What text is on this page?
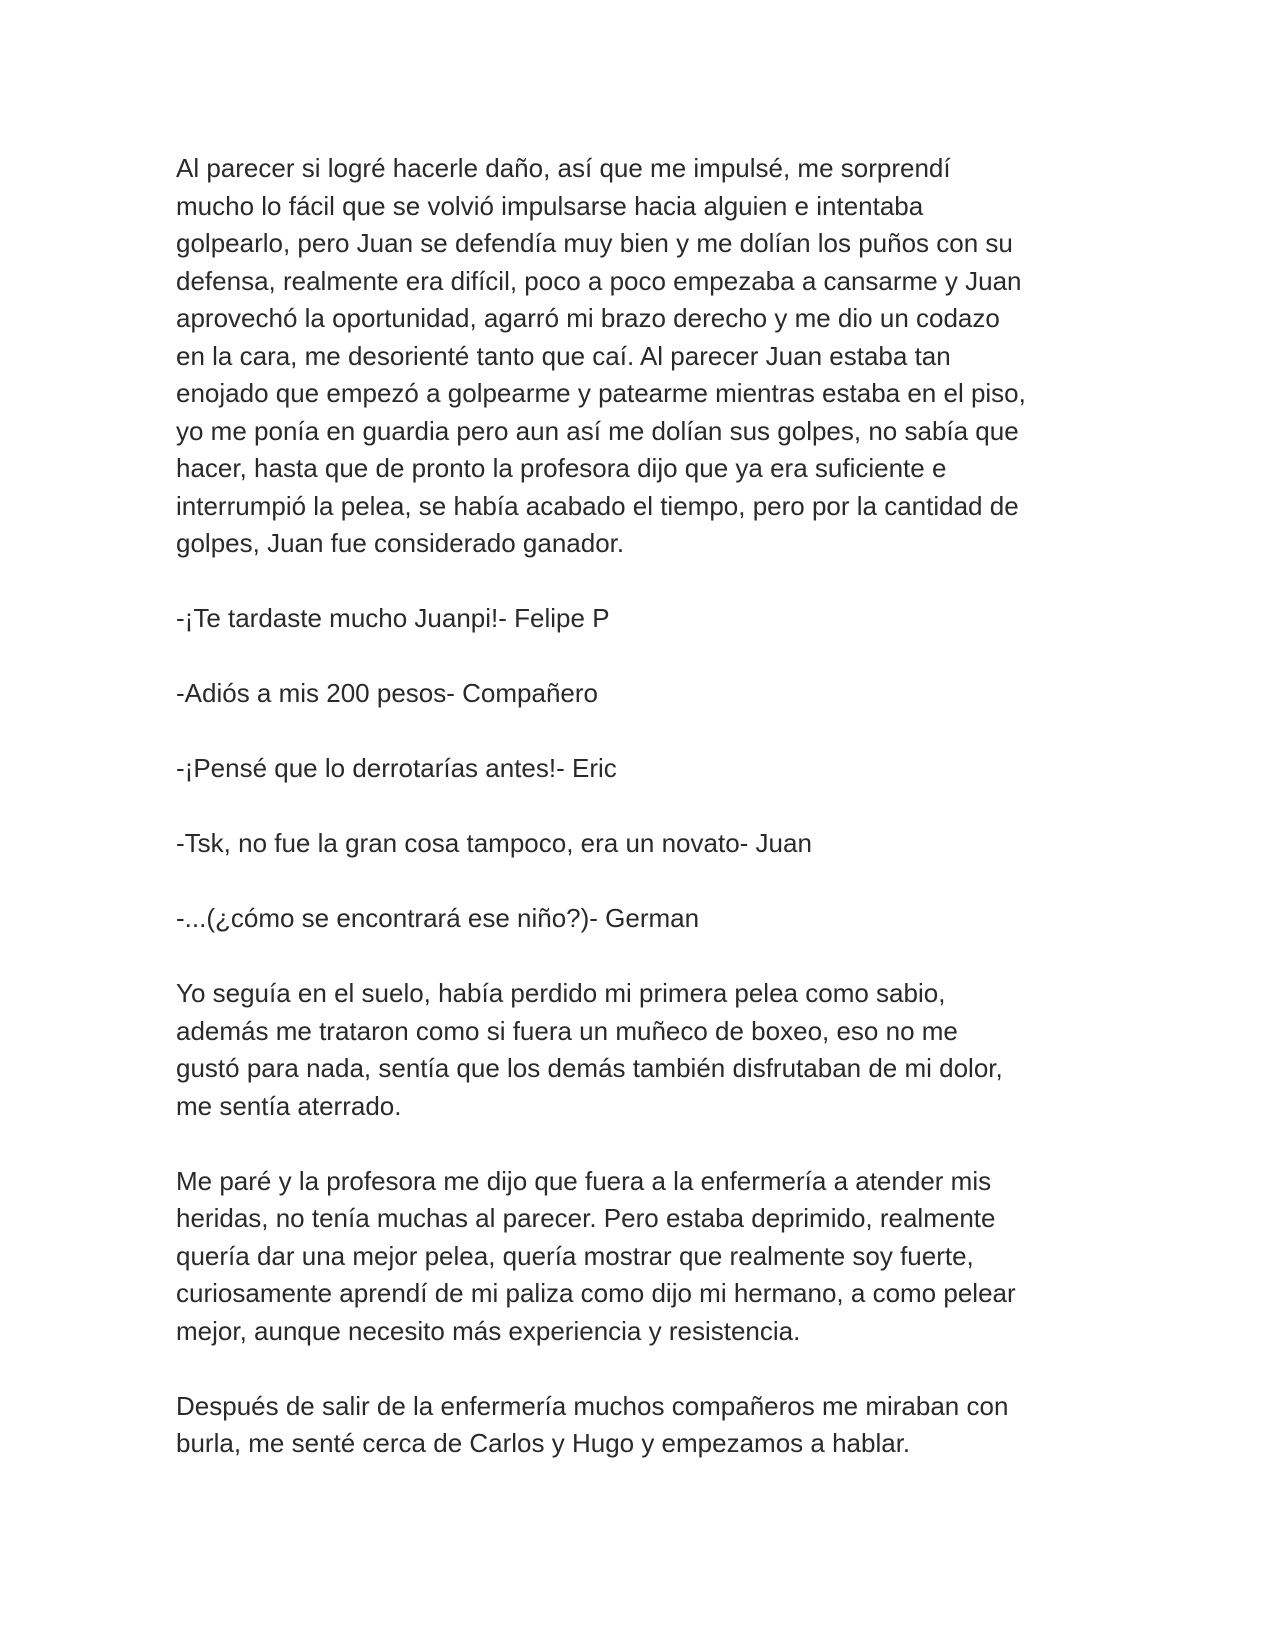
Al parecer si logré hacerle daño, así que me impulsé, me sorprendí
mucho lo fácil que se volvió impulsarse hacia alguien e intentaba
golpearlo, pero Juan se defendía muy bien y me dolían los puños con su
defensa, realmente era difícil, poco a poco empezaba a cansarme y Juan
aprovechó la oportunidad, agarró mi brazo derecho y me dio un codazo
en la cara, me desorienté tanto que caí. Al parecer Juan estaba tan
enojado que empezó a golpearme y patearme mientras estaba en el piso,
yo me ponía en guardia pero aun así me dolían sus golpes, no sabía que
hacer, hasta que de pronto la profesora dijo que ya era suficiente e
interrumpió la pelea, se había acabado el tiempo, pero por la cantidad de
golpes, Juan fue considerado ganador.

-¡Te tardaste mucho Juanpi!- Felipe P

-Adiós a mis 200 pesos- Compañero

-¡Pensé que lo derrotarías antes!- Eric

-Tsk, no fue la gran cosa tampoco, era un novato- Juan

-...(¿cómo se encontrará ese niño?)- German

Yo seguía en el suelo, había perdido mi primera pelea como sabio,
además me trataron como si fuera un muñeco de boxeo, eso no me
gustó para nada, sentía que los demás también disfrutaban de mi dolor,
me sentía aterrado.

Me paré y la profesora me dijo que fuera a la enfermería a atender mis
heridas, no tenía muchas al parecer. Pero estaba deprimido, realmente
quería dar una mejor pelea, quería mostrar que realmente soy fuerte,
curiosamente aprendí de mi paliza como dijo mi hermano, a como pelear
mejor, aunque necesito más experiencia y resistencia.

Después de salir de la enfermería muchos compañeros me miraban con
burla, me senté cerca de Carlos y Hugo y empezamos a hablar.
